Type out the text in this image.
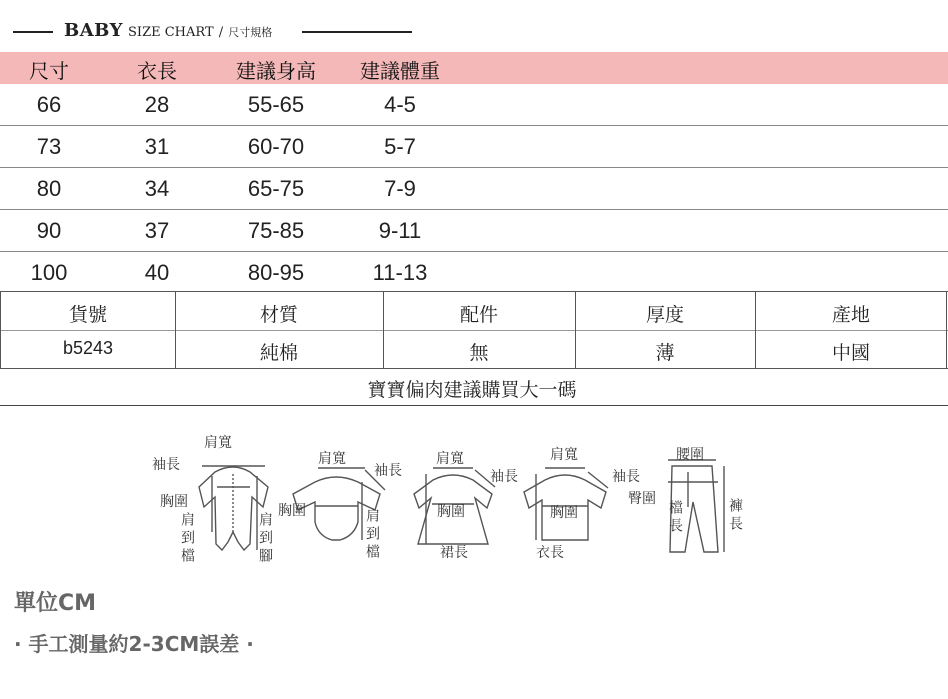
BABY SIZE CHART / 尺寸規格
尺寸	衣長	建議身高 建議體重
66	28	55-65	4-5
73	31	60-70	5-7
80	34	65-75	7-9
90	37	75-85	9-11
100	40	80-95	11-13
貨號	材質	配件	厚度	產地
b5243	純棉	無	薄	中國
寶寶偏肉建議購買大一碼
肩寬
袖長
胸圍
肩到檔	肩到腳
肩寬
袖長
胸圍	肩到檔
肩寬
袖長
胸圍
裙長
肩寬
袖長
胸圍
衣長
腰圍
臀圍
檔長	褲長
單位CM
· 手工測量約2-3CM誤差 ·
